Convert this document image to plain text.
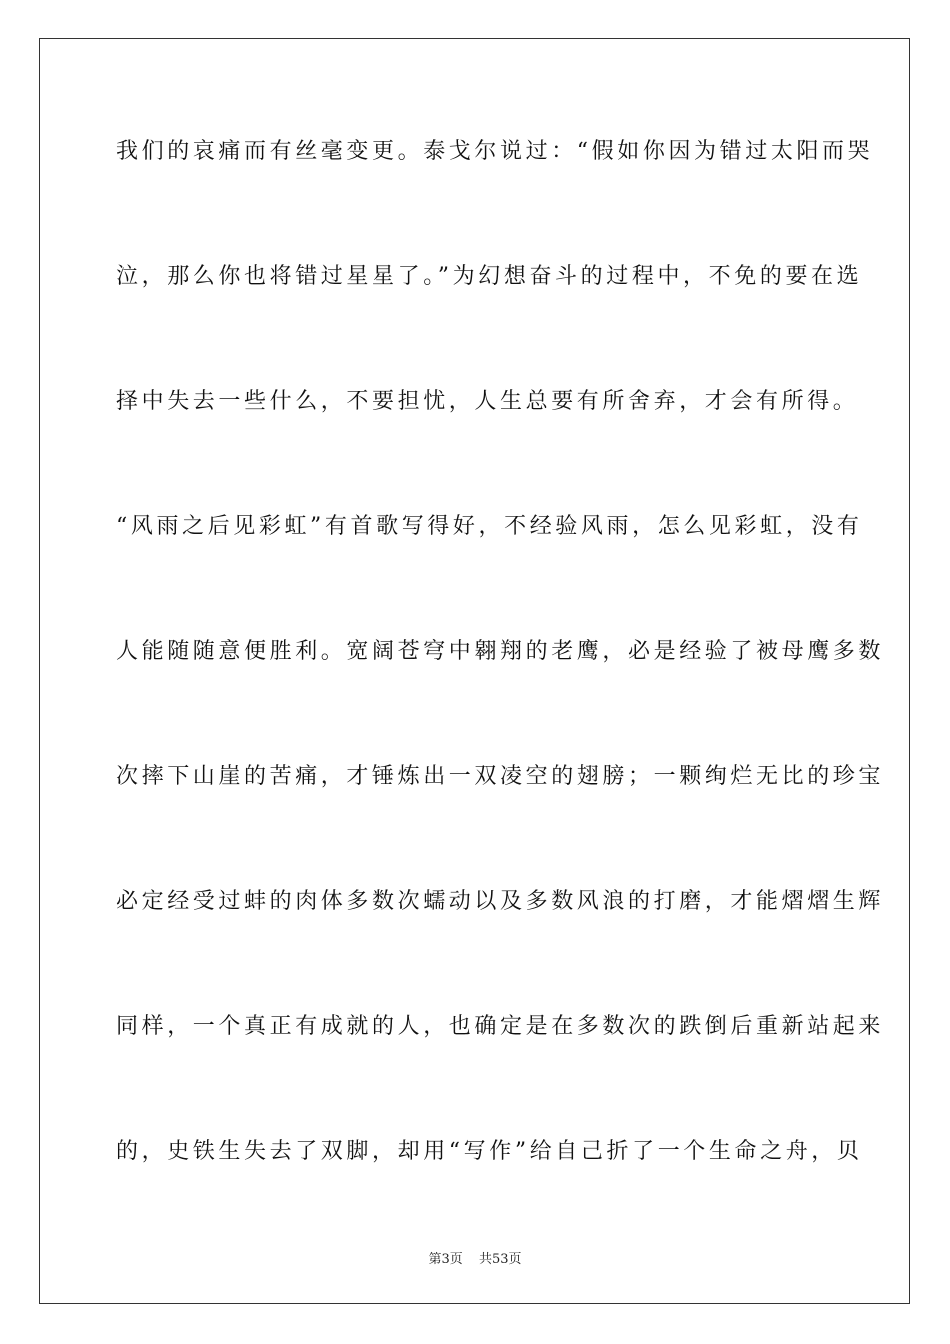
我们的哀痛而有丝毫变更。泰戈尔说过：“假如你因为错过太阳而哭
泣，那么你也将错过星星了。”为幻想奋斗的过程中，不免的要在选
择中失去一些什么，不要担忧，人生总要有所舍弃，才会有所得。
“风雨之后见彩虹”有首歌写得好，不经验风雨，怎么见彩虹，没有
人能随随意便胜利。宽阔苍穹中翱翔的老鹰，必是经验了被母鹰多数
次摔下山崖的苦痛，才锤炼出一双凌空的翅膀；一颗绚烂无比的珍宝
必定经受过蚌的肉体多数次蠕动以及多数风浪的打磨，才能熠熠生辉
同样，一个真正有成就的人，也确定是在多数次的跌倒后重新站起来
的，史铁生失去了双脚，却用“写作”给自己折了一个生命之舟，贝
第3页 共53页
